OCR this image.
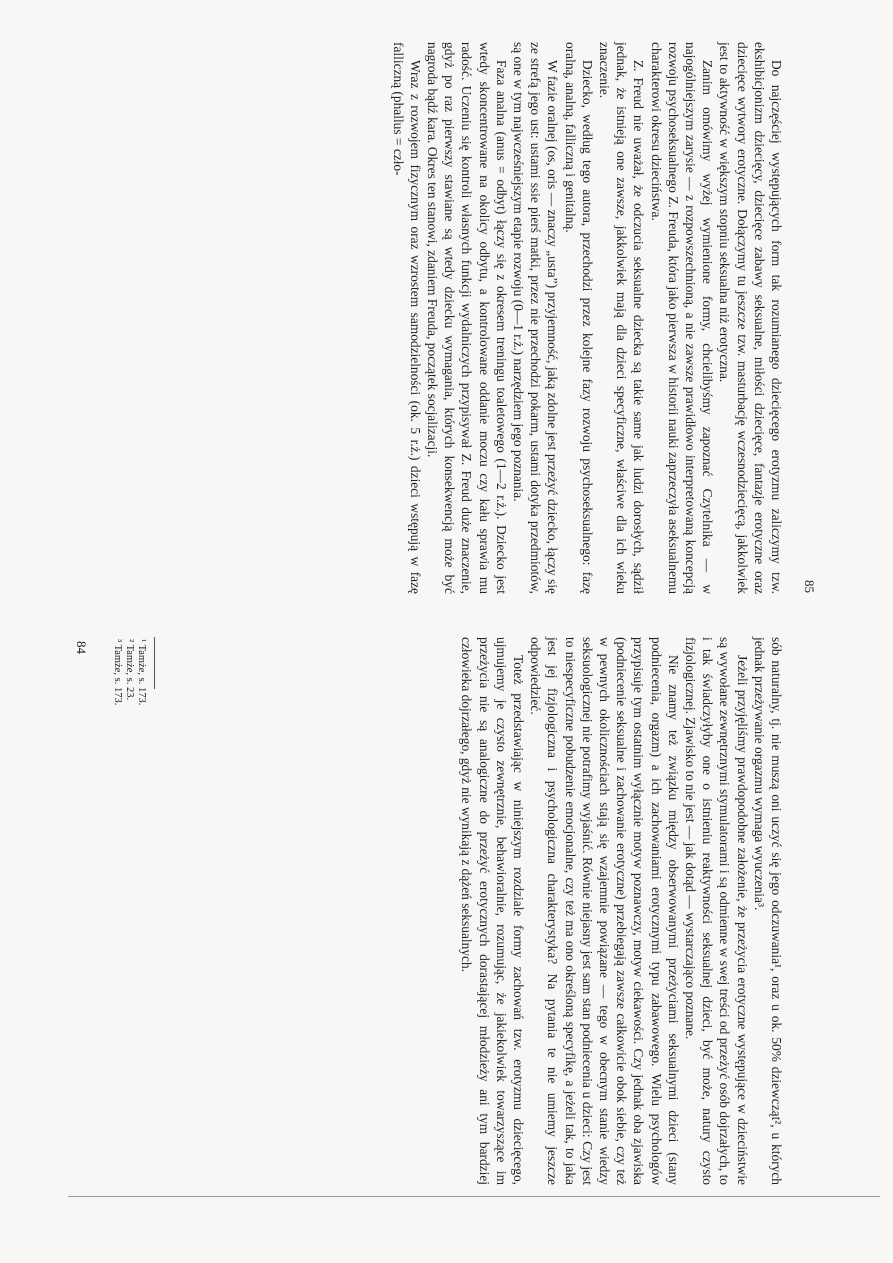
Do najczęściej występujących form tak rozumianego dziecięcego erotyzmu zaliczymy tzw. ekshibicjonizm dziecięcy, dziecięce zabawy seksualne, miłości dziecięce, fantazje erotyczne oraz dziecięce wytwory erotyczne. Dołączymy tu jeszcze tzw. masturbację wczesnodziecięcą, jakkolwiek jest to aktywność w większym stopniu seksualna niż erotyczna.

Zanim omówimy wyżej wymienione formy, chcielibyśmy zapoznać Czytelnika — w najogólniejszym zarysie — z rozpowszechnioną, a nie zawsze prawidłowo interpretowaną koncepcją rozwoju psychoseksualnego Z. Freuda, która jako pierwsza w historii nauki zaprzeczyła aseksualnemu charakterowi okresu dzieciństwa.

Z. Freud nie uważał, że odczucia seksualne dziecka są takie same jak ludzi dorosłych, sądził jednak, że istnieją one zawsze, jakkolwiek mają dla dzieci specyficzne, właściwe dla ich wieku znaczenie.

Dziecko, według tego autora, przechodzi przez kolejne fazy rozwoju psychoseksualnego: fazę oralną, analną, falliczną i genitalną.

W fazie oralnej (os, oris — znaczy „usta”) przyjemność, jaką zdolne jest przeżyć dziecko, łączy się ze strefą jego ust: ustami ssie pierś matki, przez nie przechodzi pokarm, ustami dotyka przedmiotów, są one w tym najwcześniejszym etapie rozwoju (0—1 r.ż.) narzędziem jego poznania.

Faza analna (anus = odbyt) łączy się z okresem treningu toaletowego (1—2 r.ż.). Dziecko jest wtedy skoncentrowane na okolicy odbytu, a kontrolowane oddanie moczu czy kału sprawia mu radość. Uczeniu się kontroli własnych funkcji wydalniczych przypisywał Z. Freud duże znaczenie, gdyż po raz pierwszy stawiane są wtedy dziecku wymagania, których konsekwencją może być nagroda bądź kara. Okres ten stanowi, zdaniem Freuda, początek socjalizacji.

Wraz z rozwojem fizycznym oraz wzrostem samodzielności (ok. 5 r.ż.) dzieci wstępują w fazę falliczną (phallus = czło-

85

sób naturalny, tj. nie muszą oni uczyć się jego odczuwania¹, oraz u ok. 50% dziewcząt², u których jednak przeżywanie orgazmu wymaga wyuczenia³.

Jeżeli przyjęliśmy prawdopodobne założenie, że przeżycia erotyczne występujące w dzieciństwie są wywołane zewnętrznymi stymulatorami i są odmienne w swej treści od przeżyć osób dojrzałych, to i tak świadczyłyby one o istnieniu reaktywności seksualnej dzieci, być może, natury czysto fizjologicznej. Zjawisko to nie jest — jak dotąd — wystarczająco poznane.

Nie znamy też związku między obserwowanymi przeżyciami seksualnymi dzieci (stany podniecenia, orgazm) a ich zachowaniami erotycznymi typu zabawowego. Wielu psychologów przypisuje tym ostatnim wyłącznie motyw poznawczy, motyw ciekawości. Czy jednak oba zjawiska (podniecenie seksualne i zachowanie erotyczne) przebiegają zawsze całkowicie obok siebie, czy też w pewnych okolicznościach stają się wzajemnie powiązane — tego w obecnym stanie wiedzy seksuologicznej nie potrafimy wyjaśnić. Równie niejasny jest sam stan podniecenia u dzieci: Czy jest to niespecyficzne pobudzenie emocjonalne, czy też ma ono określoną specyfikę, a jeżeli tak, to jaka jest jej fizjologiczna i psychologiczna charakterystyka? Na pytania te nie umiemy jeszcze odpowiedzieć.

Toteż przedstawiając w niniejszym rozdziale formy zachowań tzw. erotyzmu dziecięcego, ujmujemy je czysto zewnętrznie, behawioralnie, rozumując, że jakiekolwiek towarzyszące im przeżycia nie są analogiczne do przeżyć erotycznych dorastającej młodzieży ani tym bardziej człowieka dojrzałego, gdyż nie wynikają z dążeń seksualnych.

¹ Tamże, s. 173.
² Tamże, s. 23.
³ Tamże, s. 173.
84
